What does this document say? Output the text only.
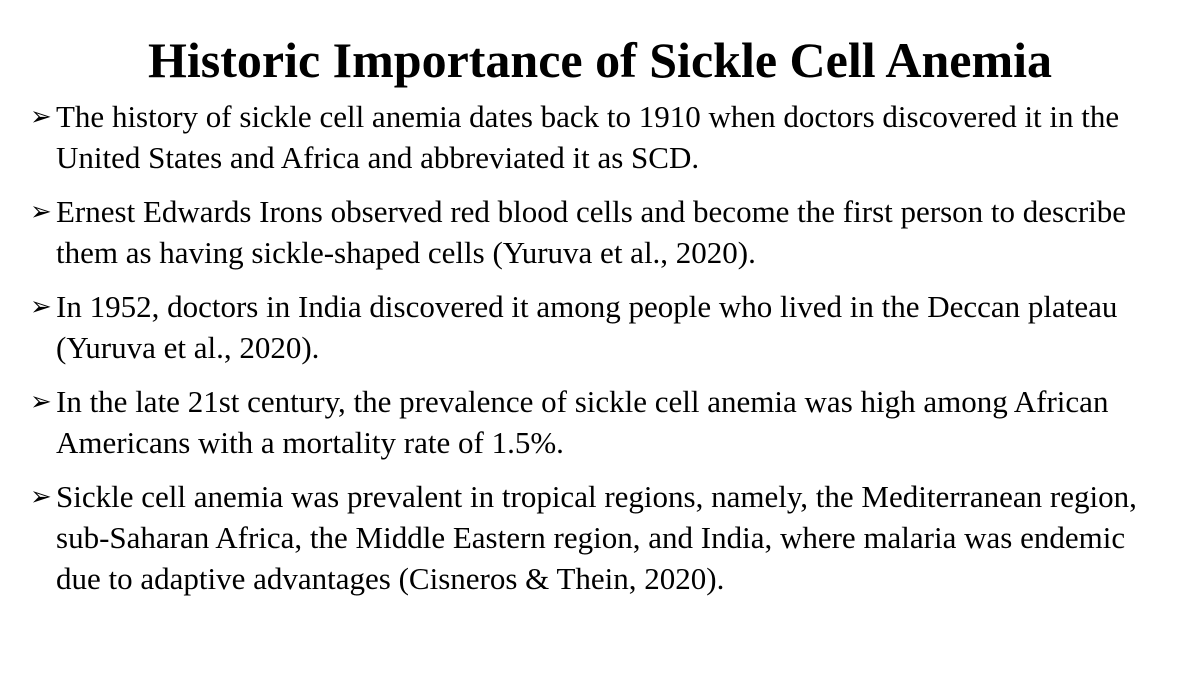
Historic Importance of Sickle Cell Anemia
➢ The history of sickle cell anemia dates back to 1910 when doctors discovered it in the United States and Africa and abbreviated it as SCD.
➢ Ernest Edwards Irons observed red blood cells and become the first person to describe them as having sickle-shaped cells (Yuruva et al., 2020).
➢ In 1952, doctors in India discovered it among people who lived in the Deccan plateau (Yuruva et al., 2020).
➢ In the late 21st century, the prevalence of sickle cell anemia was high among African Americans with a mortality rate of 1.5%.
➢ Sickle cell anemia was prevalent in tropical regions, namely, the Mediterranean region, sub-Saharan Africa, the Middle Eastern region, and India, where malaria was endemic due to adaptive advantages (Cisneros & Thein, 2020).
